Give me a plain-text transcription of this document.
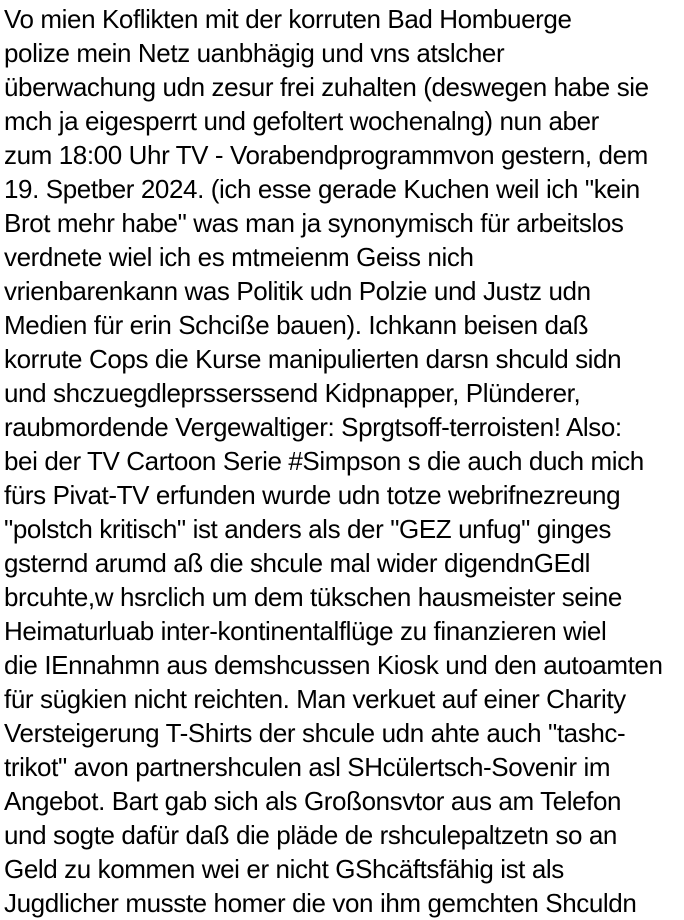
Vo mien Koflikten mit der korruten Bad Hombuerge
polize mein Netz uanbhägig und vns atslcher
überwachung udn zesur frei zuhalten (deswegen habe sie
mch ja eigesperrt und gefoltert wochenalng) nun aber
zum 18:00 Uhr TV - Vorabendprogrammvon gestern, dem
19. Spetber 2024. (ich esse gerade Kuchen weil ich "kein
Brot mehr habe" was man ja synonymisch für arbeitslos
verdnete wiel ich es mtmeienm Geiss nich
vrienbarenkann was Politik udn Polzie und Justz udn
Medien für erin Schciße bauen). Ichkann beisen daß
korrute Cops die Kurse manipulierten darsn shculd sidn
und shczuegdleprsserssend Kidpnapper, Plünderer,
raubmordende Vergewaltiger: Sprgtsoff-terroisten! Also:
bei der TV Cartoon Serie #Simpson s die auch duch mich
fürs Pivat-TV erfunden wurde udn totze webrifnezreung
"polstch kritisch" ist anders als der "GEZ unfug" ginges
gsternd arumd aß die shcule mal wider digendnGEdl
brcuhte,w hsrclich um dem tükschen hausmeister seine
Heimaturluab inter-kontinentalflüge zu finanzieren wiel
die IEnnahmn aus demshcussen Kiosk und den autoamten
für sügkien nicht reichten. Man verkuet auf einer Charity
Versteigerung T-Shirts der shcule udn ahte auch "tashc-
trikot" avon partnershculen asl SHcülertsch-Sovenir im
Angebot. Bart gab sich als Großonsvtor aus am Telefon
und sogte dafür daß die pläde de rshculepaltzetn so an
Geld zu kommen wei er nicht GShcäftsfähig ist als
Jugdlicher musste homer die von ihm gemchten Shculdn
